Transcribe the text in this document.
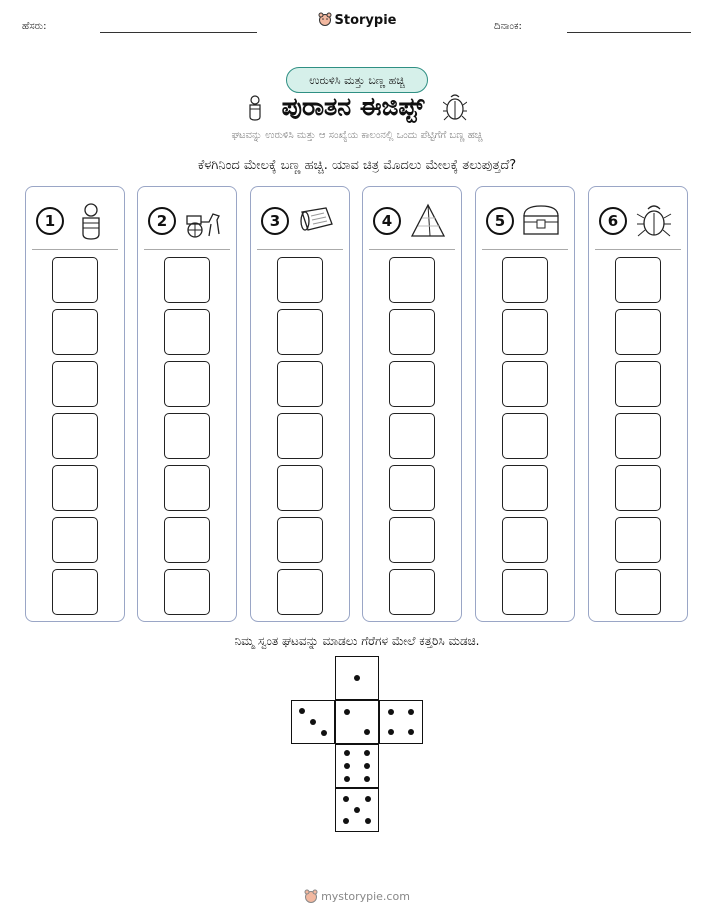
ಹೆಸರು:	Storypie	ದಿನಾಂಕ:
ಉರುಳಿಸಿ ಮತ್ತು ಬಣ್ಣ ಹಚ್ಚಿ
ಪುರಾತನ ಈಜಿಪ್ಟ್
ಘಟವನ್ನು ಉರುಳಿಸಿ ಮತ್ತು ಆ ಸಂಖ್ಯೆಯ ಕಾಲಂನಲ್ಲಿ ಒಂದು ಪೆಟ್ಟಿಗೆಗೆ ಬಣ್ಣ ಹಚ್ಚಿ
ಕೆಳಗಿನಿಂದ ಮೇಲಕ್ಕೆ ಬಣ್ಣ ಹಚ್ಚಿ. ಯಾವ ಚಿತ್ರ ಮೊದಲು ಮೇಲಕ್ಕೆ ತಲುಪುತ್ತದೆ?
1	2	3	4	5	6
ನಿಮ್ಮ ಸ್ವಂತ ಘಟವನ್ನು ಮಾಡಲು ಗೆರೆಗಳ ಮೇಲೆ ಕತ್ತರಿಸಿ ಮಡಚಿ.
mystorypie.com
